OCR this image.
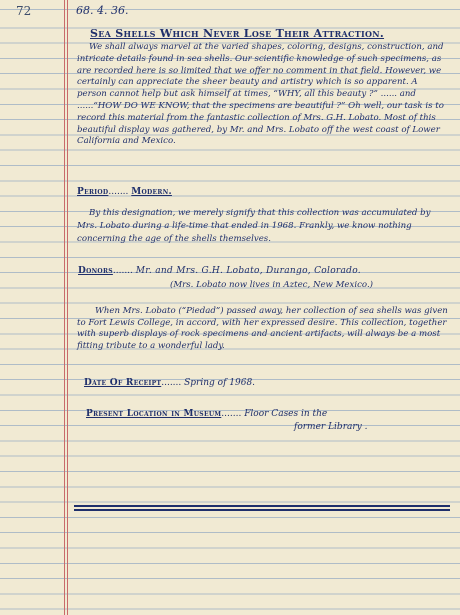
72	68. 4. 36.
Sea Shells Which Never Lose Their Attraction.
We shall always marvel at the varied shapes, coloring, designs, construction, and intricate details found in sea shells. Our scientific knowledge of such specimens, as are recorded here is so limited that we offer no comment in that field. However, we certainly can appreciate the sheer beauty and artistry which is so apparent. A person cannot help but ask himself at times, “WHY, all this beauty ?” ...... and ......“HOW DO WE KNOW, that the specimens are beautiful ?” Oh well, our task is to record this material from the fantastic collection of Mrs. G.H. Lobato. Most of this beautiful display was gathered, by Mr. and Mrs. Lobato off the west coast of Lower California and Mexico.
Period....... Modern.
By this designation, we merely signify that this collection was accumulated by Mrs. Lobato during a life-time that ended in 1968. Frankly, we know nothing concerning the age of the shells themselves.
Donors....... Mr. and Mrs. G.H. Lobato, Durango, Colorado.
(Mrs. Lobato now lives in Aztec, New Mexico.)
When Mrs. Lobato (“Piedad”) passed away, her collection of sea shells was given to Fort Lewis College, in accord, with her expressed desire. This collection, together with superb displays of rock specimens and ancient artifacts, will always be a most fitting tribute to a wonderful lady.
Date Of Receipt....... Spring of 1968.
Present Location in Museum....... Floor Cases in the
former Library .
